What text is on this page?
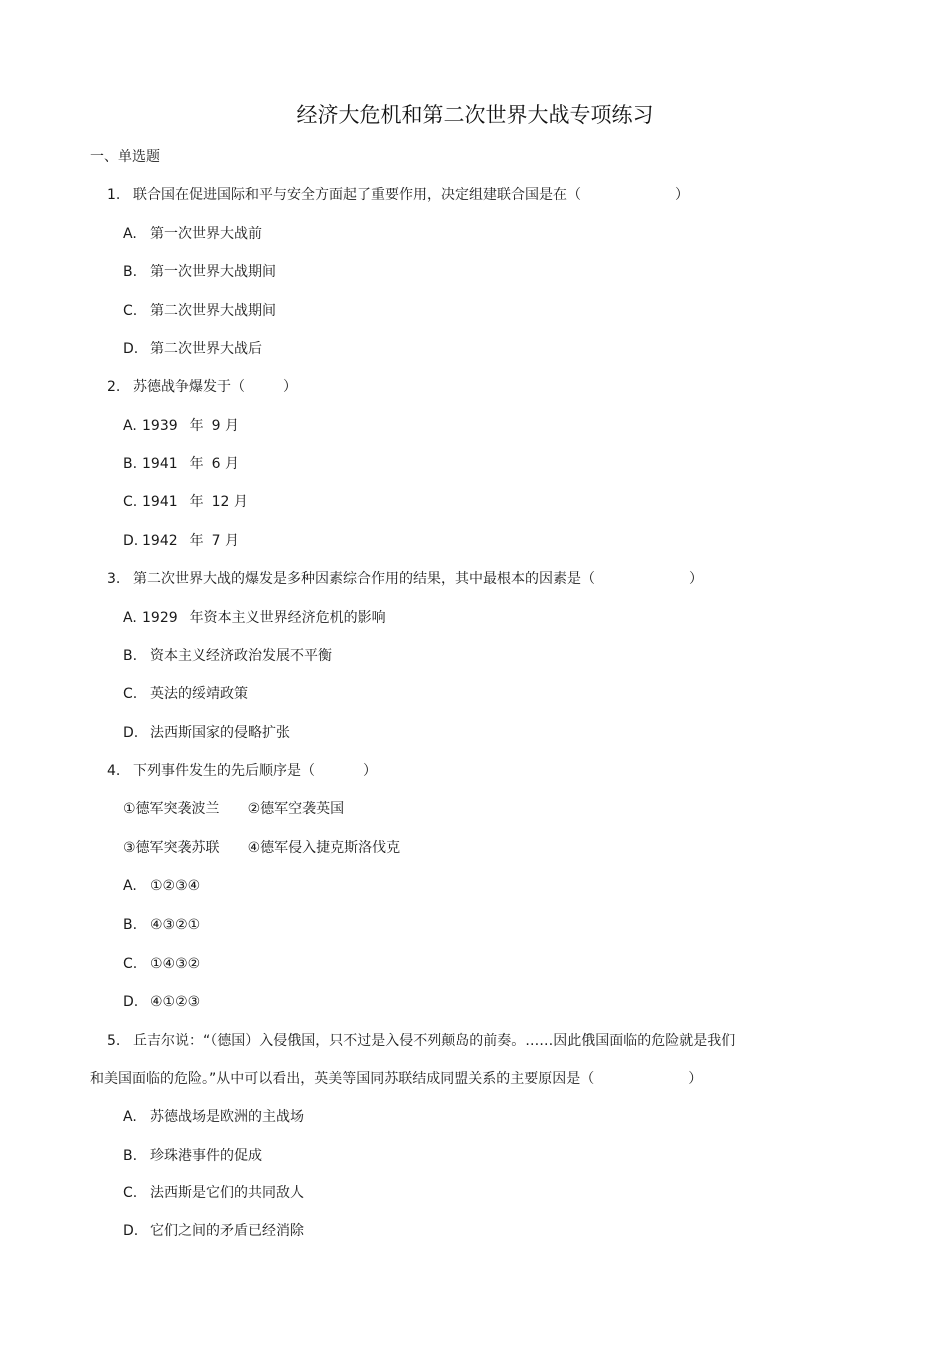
经济大危机和第二次世界大战专项练习
一、单选题
1. 联合国在促进国际和平与安全方面起了重要作用，决定组建联合国是在（	）
A. 第一次世界大战前
B. 第一次世界大战期间
C. 第二次世界大战期间
D. 第二次世界大战后
2. 苏德战争爆发于（	）
A. 1939 年 9 月
B. 1941 年 6 月
C. 1941 年 12 月
D. 1942 年 7 月
3. 第二次世界大战的爆发是多种因素综合作用的结果，其中最根本的因素是（	）
A. 1929 年资本主义世界经济危机的影响
B. 资本主义经济政治发展不平衡
C. 英法的绥靖政策
D. 法西斯国家的侵略扩张
4. 下列事件发生的先后顺序是（	）
①德军突袭波兰 ②德军空袭英国
③德军突袭苏联 ④德军侵入捷克斯洛伐克
A. ①②③④
B. ④③②①
C. ①④③②
D. ④①②③
5. 丘吉尔说：“（德国）入侵俄国，只不过是入侵不列颠岛的前奏。……因此俄国面临的危险就是我们
和美国面临的危险。”从中可以看出，英美等国同苏联结成同盟关系的主要原因是（	）
A. 苏德战场是欧洲的主战场
B. 珍珠港事件的促成
C. 法西斯是它们的共同敌人
D. 它们之间的矛盾已经消除
